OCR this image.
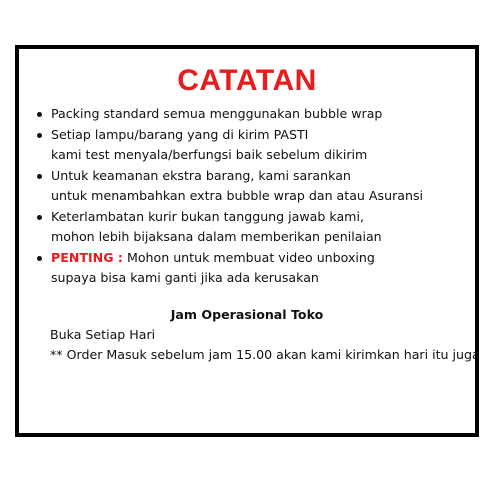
CATATAN
Packing standard semua menggunakan bubble wrap
Setiap lampu/barang yang di kirim PASTI
kami test menyala/berfungsi baik sebelum dikirim
Untuk keamanan ekstra barang, kami sarankan
untuk menambahkan extra bubble wrap dan atau Asuransi
Keterlambatan kurir bukan tanggung jawab kami,
mohon lebih bijaksana dalam memberikan penilaian
PENTING : Mohon untuk membuat video unboxing
supaya bisa kami ganti jika ada kerusakan
Jam Operasional Toko
Buka Setiap Hari
** Order Masuk sebelum jam 15.00 akan kami kirimkan hari itu juga
